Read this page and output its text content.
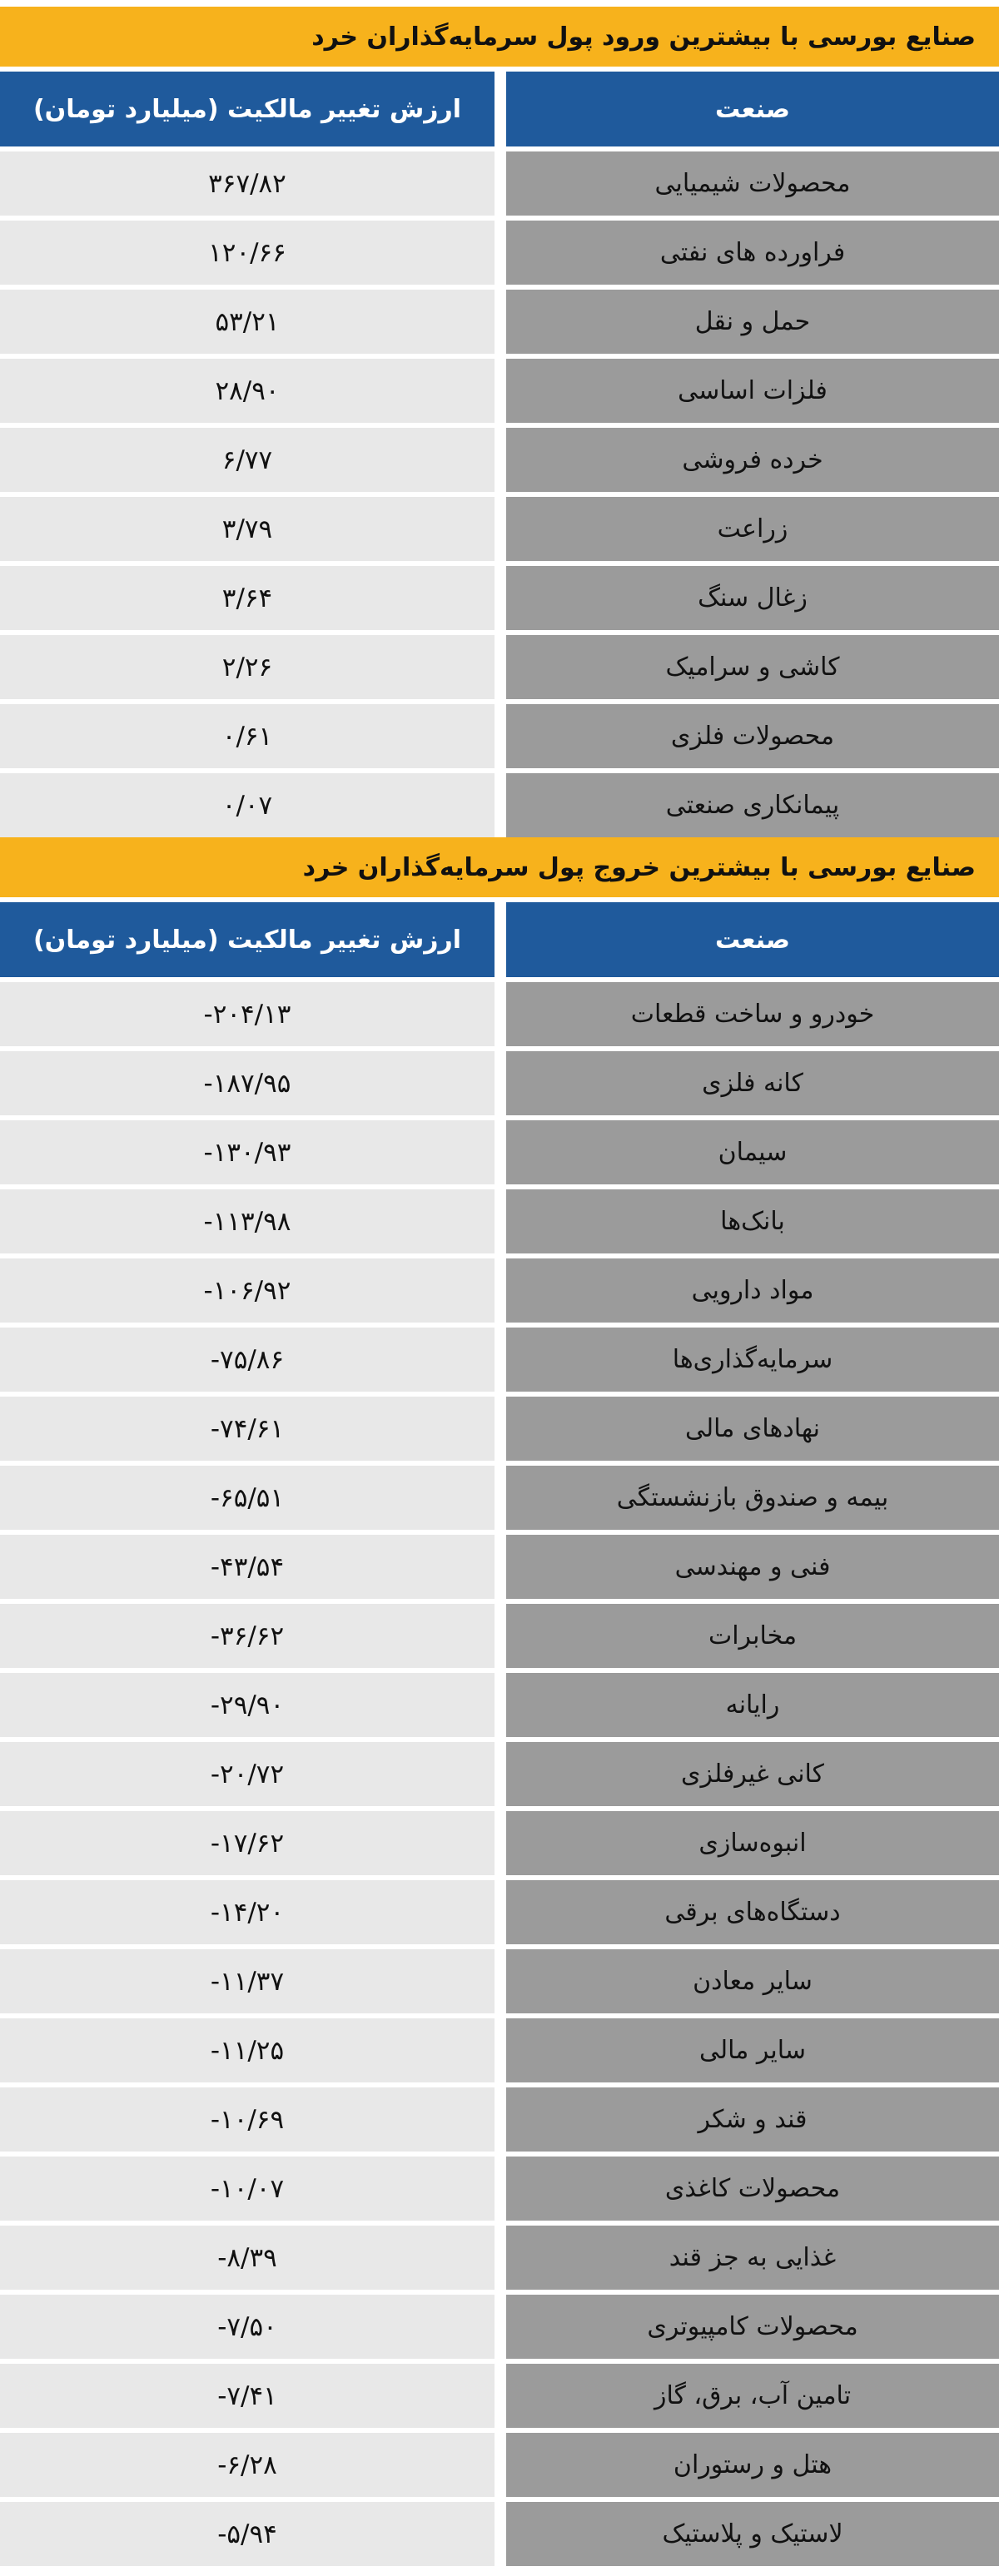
صنایع بورسی با بیشترین ورود پول سرمایه‌گذاران خرد
صنعت
ارزش تغییر مالکیت (میلیارد تومان)
محصولات شیمیایی
۳۶۷/۸۲
فراورده های نفتی
۱۲۰/۶۶
حمل و نقل
۵۳/۲۱
فلزات اساسی
۲۸/۹۰
خرده فروشی
۶/۷۷
زراعت
۳/۷۹
زغال سنگ
۳/۶۴
کاشی و سرامیک
۲/۲۶
محصولات فلزی
۰/۶۱
پیمانکاری صنعتی
۰/۰۷
صنایع بورسی با بیشترین خروج پول سرمایه‌گذاران خرد
صنعت
ارزش تغییر مالکیت (میلیارد تومان)
خودرو و ساخت قطعات
-۲۰۴/۱۳
کانه فلزی
-۱۸۷/۹۵
سیمان
-۱۳۰/۹۳
بانک‌ها
-۱۱۳/۹۸
مواد دارویی
-۱۰۶/۹۲
سرمایه‌گذاری‌ها
-۷۵/۸۶
نهادهای مالی
-۷۴/۶۱
بیمه و صندوق بازنشستگی
-۶۵/۵۱
فنی و مهندسی
-۴۳/۵۴
مخابرات
-۳۶/۶۲
رایانه
-۲۹/۹۰
کانی غیرفلزی
-۲۰/۷۲
انبوه‌سازی
-۱۷/۶۲
دستگاه‌های برقی
-۱۴/۲۰
سایر معادن
-۱۱/۳۷
سایر مالی
-۱۱/۲۵
قند و شکر
-۱۰/۶۹
محصولات کاغذی
-۱۰/۰۷
غذایی به جز قند
-۸/۳۹
محصولات کامپیوتری
-۷/۵۰
تامین آب، برق، گاز
-۷/۴۱
هتل و رستوران
-۶/۲۸
لاستیک و پلاستیک
-۵/۹۴
